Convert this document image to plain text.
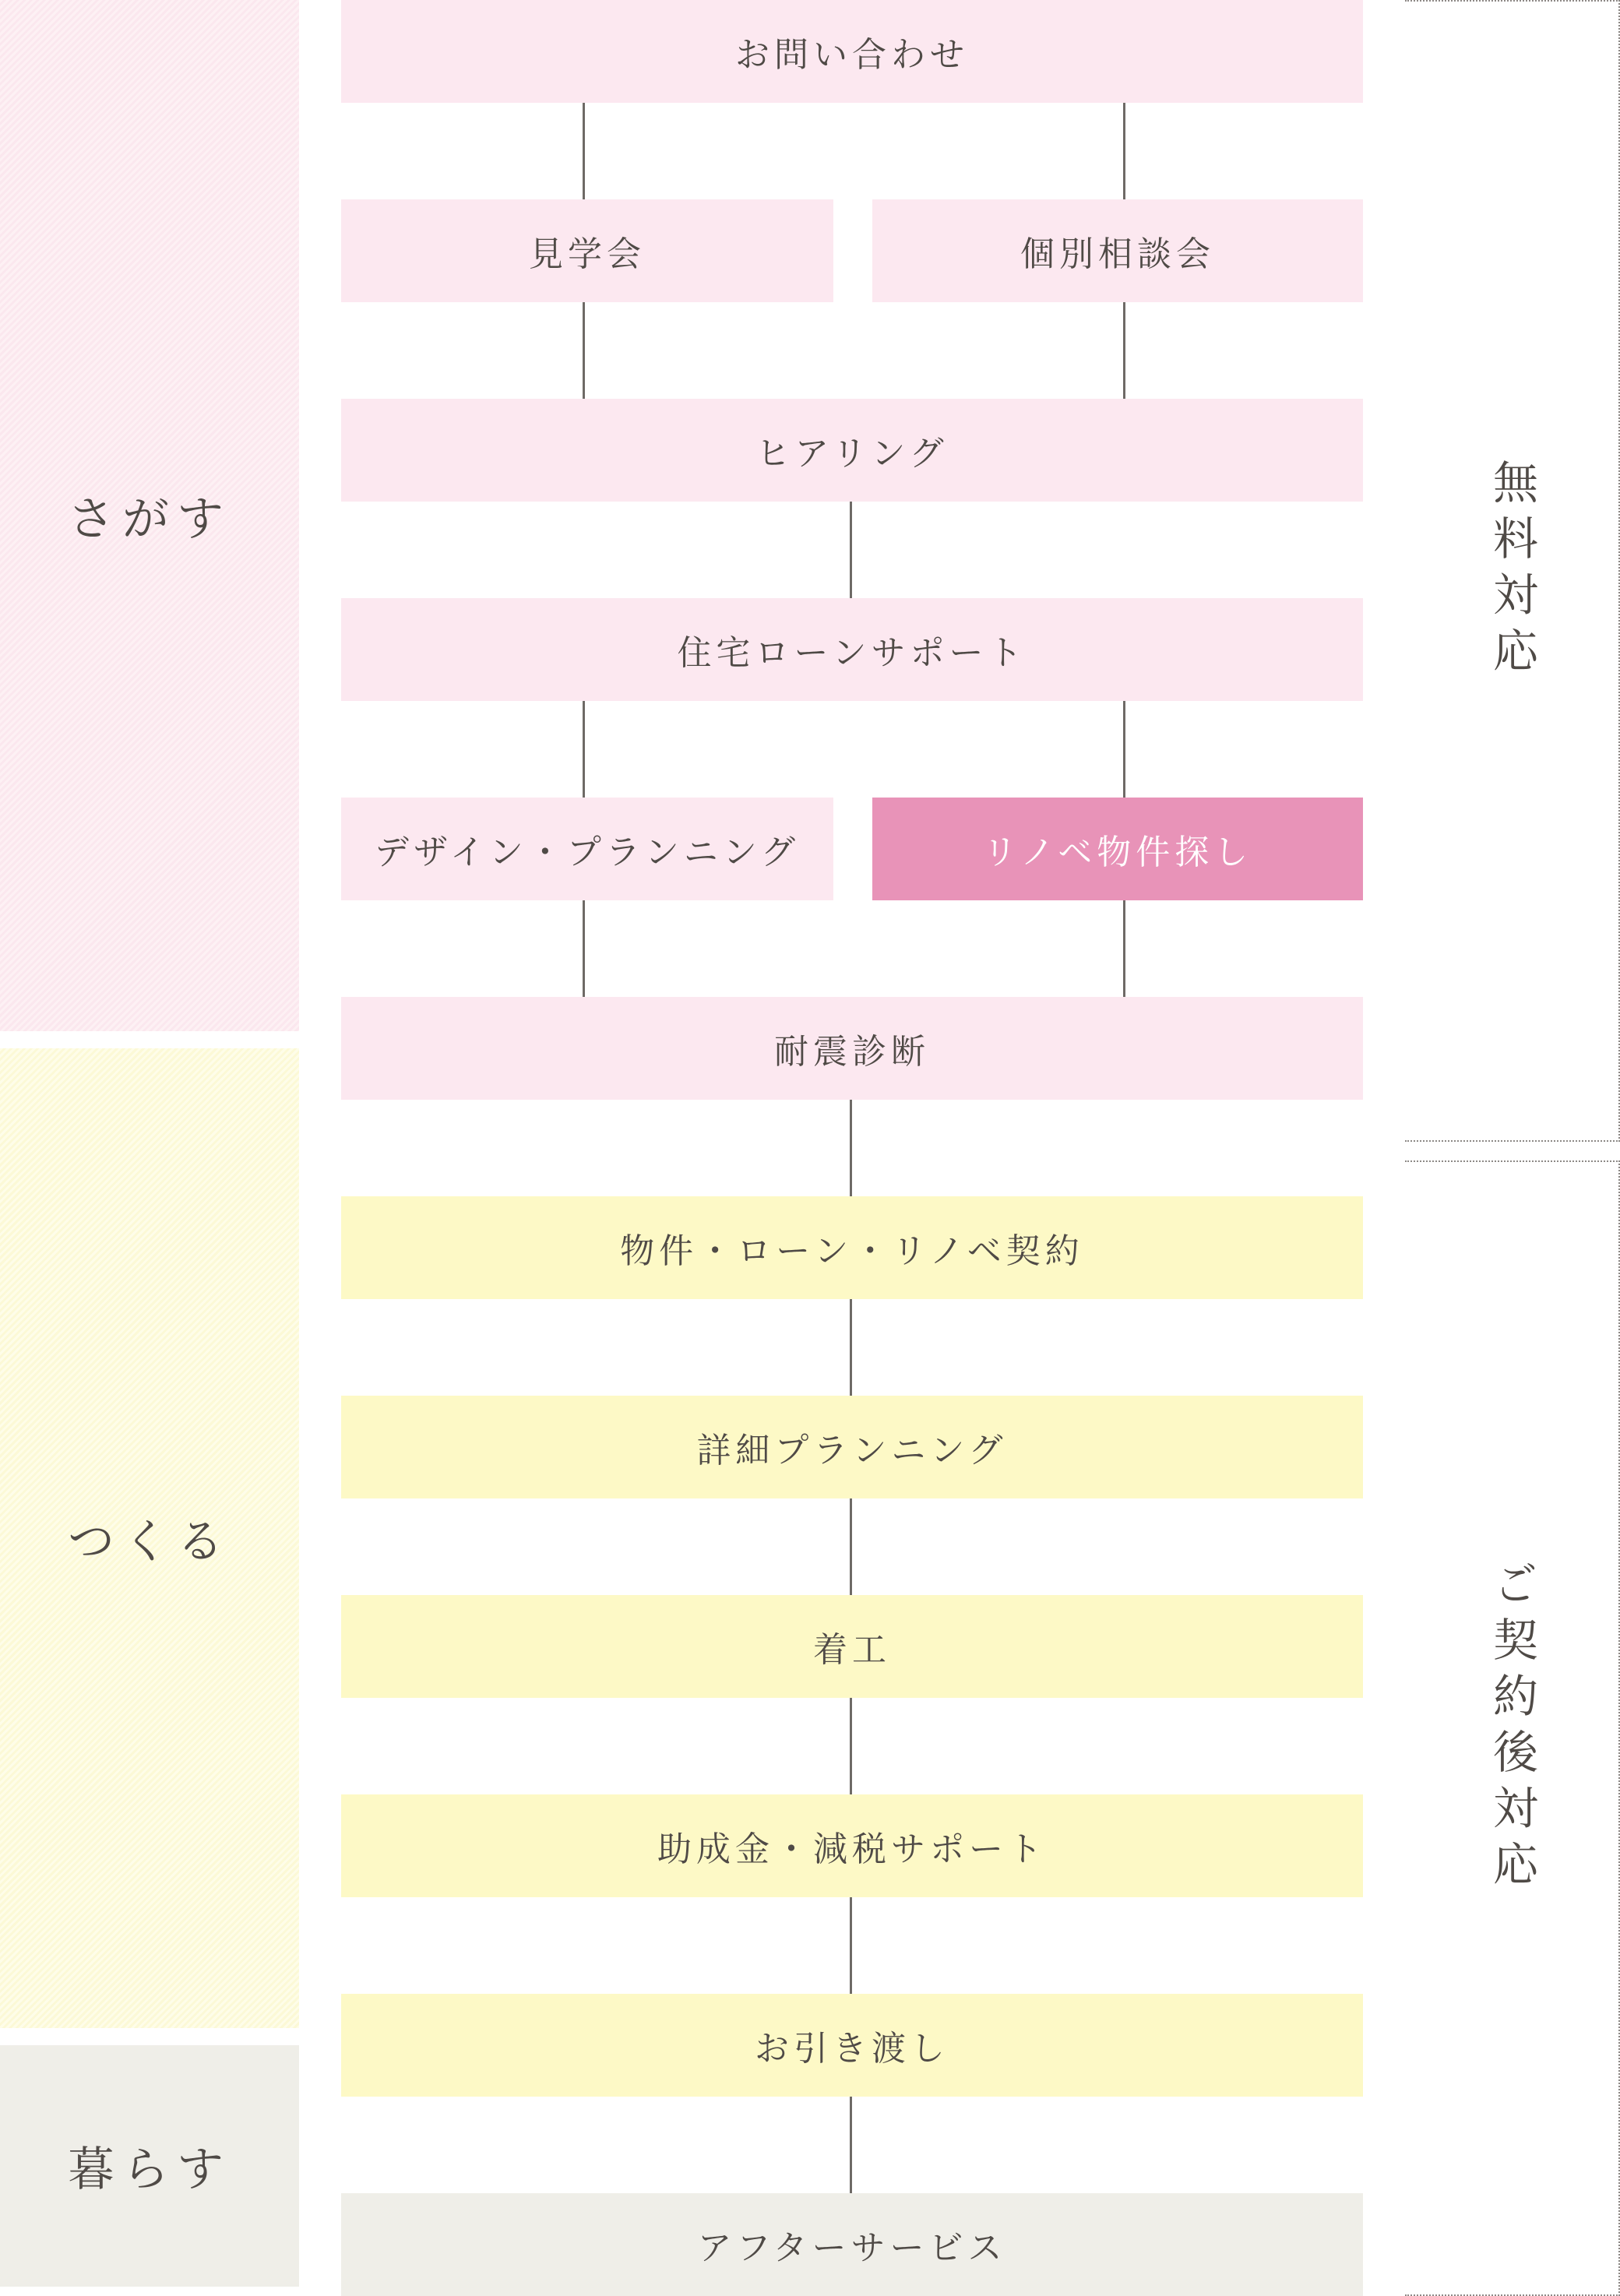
さがす
つくる
暮らす
お問い合わせ
見学会	個別相談会
ヒアリング
住宅ローンサポート
デザイン・プランニング	リノベ物件探し
耐震診断
物件・ローン・リノベ契約
詳細プランニング
着工
助成金・減税サポート
お引き渡し
アフターサービス
無料対応
ご契約後対応
